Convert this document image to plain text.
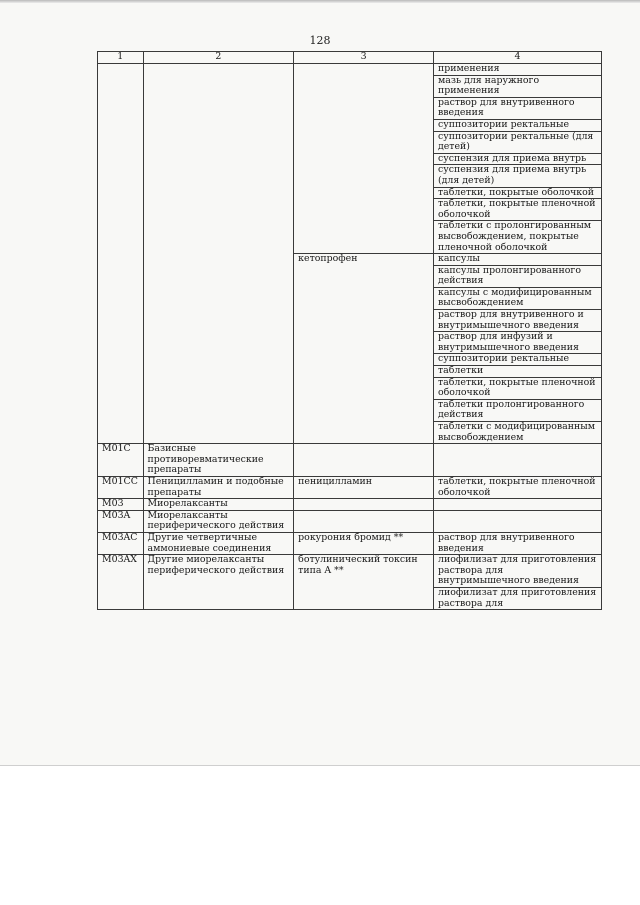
128
1	2	3	4
			применения
			мазь для наружного применения
			раствор для внутривенного введения
			суппозитории ректальные
			суппозитории ректальные (для детей)
			суспензия для приема внутрь
			суспензия для приема внутрь (для детей)
			таблетки, покрытые оболочкой
			таблетки, покрытые пленочной оболочкой
			таблетки с пролонгированным высвобождением, покрытые пленочной оболочкой
		кетопрофен	капсулы
			капсулы пролонгированного действия
			капсулы с модифицированным высвобождением
			раствор для внутривенного и внутримышечного введения
			раствор для инфузий и внутримышечного введения
			суппозитории ректальные
			таблетки
			таблетки, покрытые пленочной оболочкой
			таблетки пролонгированного действия
			таблетки с модифицированным высвобождением
M01C	Базисные противоревматические препараты		
M01CC	Пеницилламин и подобные препараты	пеницилламин	таблетки, покрытые пленочной оболочкой
M03	Миорелаксанты		
M03A	Миорелаксанты периферического действия		
M03AC	Другие четвертичные аммониевые соединения	рокурония бромид **	раствор для внутривенного введения
M03AX	Другие миорелаксанты периферического действия	ботулинический токсин типа A **	лиофилизат для приготовления раствора для внутримышечного введения
			лиофилизат для приготовления раствора для
